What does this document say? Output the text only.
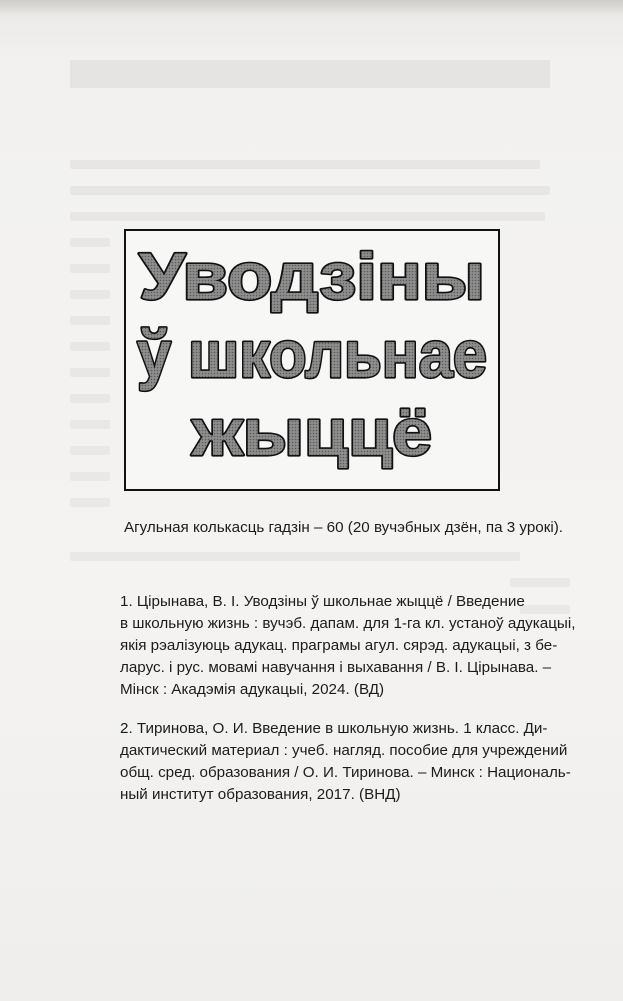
Уводзіны
ў школьнае
жыццё
Агульная колькасць гадзін – 60 (20 вучэбных дзён, па 3 урокі).

1. Цірынава, В. І. Уводзіны ў школьнае жыццё / Введение

в школьную жизнь : вучэб. дапам. для 1-га кл. устаноў адукацыі,

якія рэалізуюць адукац. праграмы агул. сярэд. адукацыі, з бе-

ларус. і рус. мовамі навучання і выхавання / В. І. Цірынава. –

Мінск : Акадэмія адукацыі, 2024. (ВД)

2. Тиринова, О. И. Введение в школьную жизнь. 1 класс. Ди-

дактический материал : учеб. нагляд. пособие для учреждений

общ. сред. образования / О. И. Тиринова. – Минск : Националь-

ный институт образования, 2017. (ВНД)
